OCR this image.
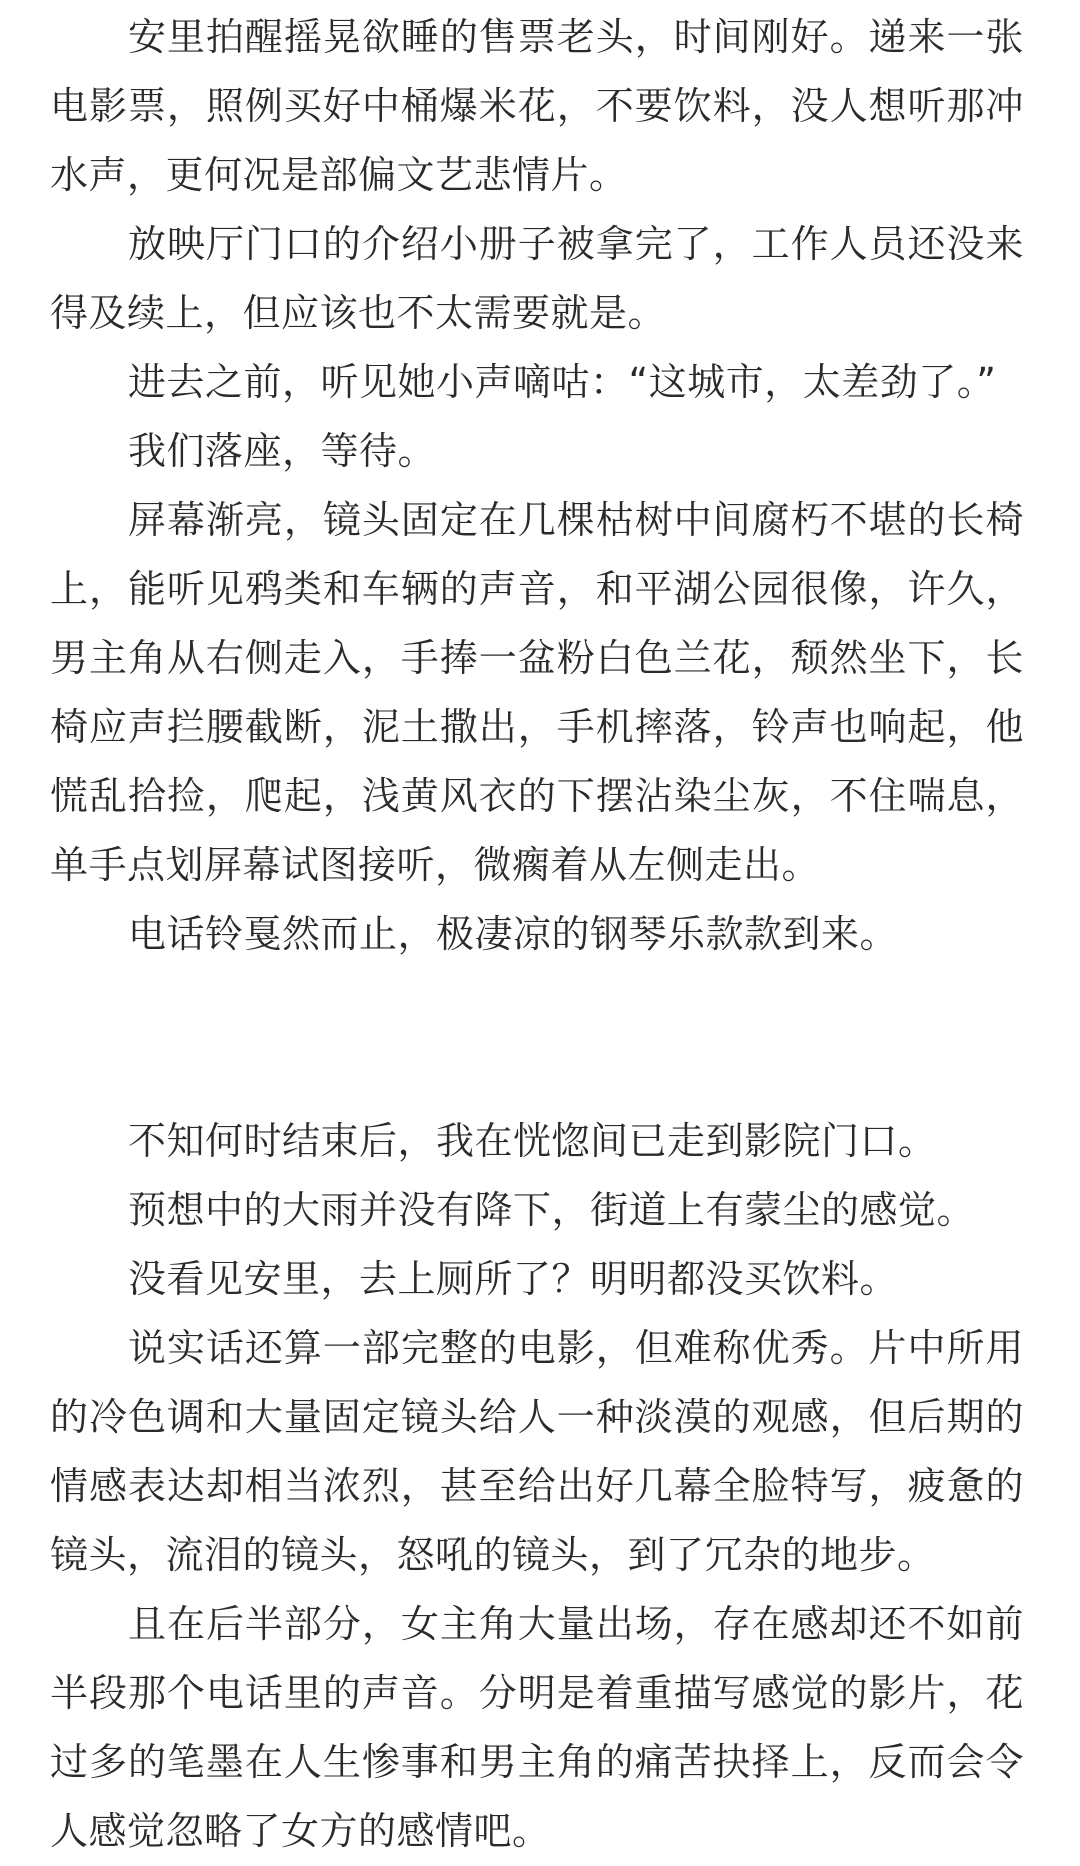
安里拍醒摇晃欲睡的售票老头，时间刚好。递来一张电影票，照例买好中桶爆米花，不要饮料，没人想听那冲水声，更何况是部偏文艺悲情片。

放映厅门口的介绍小册子被拿完了，工作人员还没来得及续上，但应该也不太需要就是。

进去之前，听见她小声嘀咕：“这城市，太差劲了。”

我们落座，等待。

屏幕渐亮，镜头固定在几棵枯树中间腐朽不堪的长椅上，能听见鸦类和车辆的声音，和平湖公园很像，许久，男主角从右侧走入，手捧一盆粉白色兰花，颓然坐下，长椅应声拦腰截断，泥土撒出，手机摔落，铃声也响起，他慌乱拾捡，爬起，浅黄风衣的下摆沾染尘灰，不住喘息，单手点划屏幕试图接听，微瘸着从左侧走出。

电话铃戛然而止，极凄凉的钢琴乐款款到来。

不知何时结束后，我在恍惚间已走到影院门口。

预想中的大雨并没有降下，街道上有蒙尘的感觉。

没看见安里，去上厕所了？明明都没买饮料。

说实话还算一部完整的电影，但难称优秀。片中所用的冷色调和大量固定镜头给人一种淡漠的观感，但后期的情感表达却相当浓烈，甚至给出好几幕全脸特写，疲惫的镜头，流泪的镜头，怒吼的镜头，到了冗杂的地步。

且在后半部分，女主角大量出场，存在感却还不如前半段那个电话里的声音。分明是着重描写感觉的影片，花过多的笔墨在人生惨事和男主角的痛苦抉择上，反而会令人感觉忽略了女方的感情吧。
